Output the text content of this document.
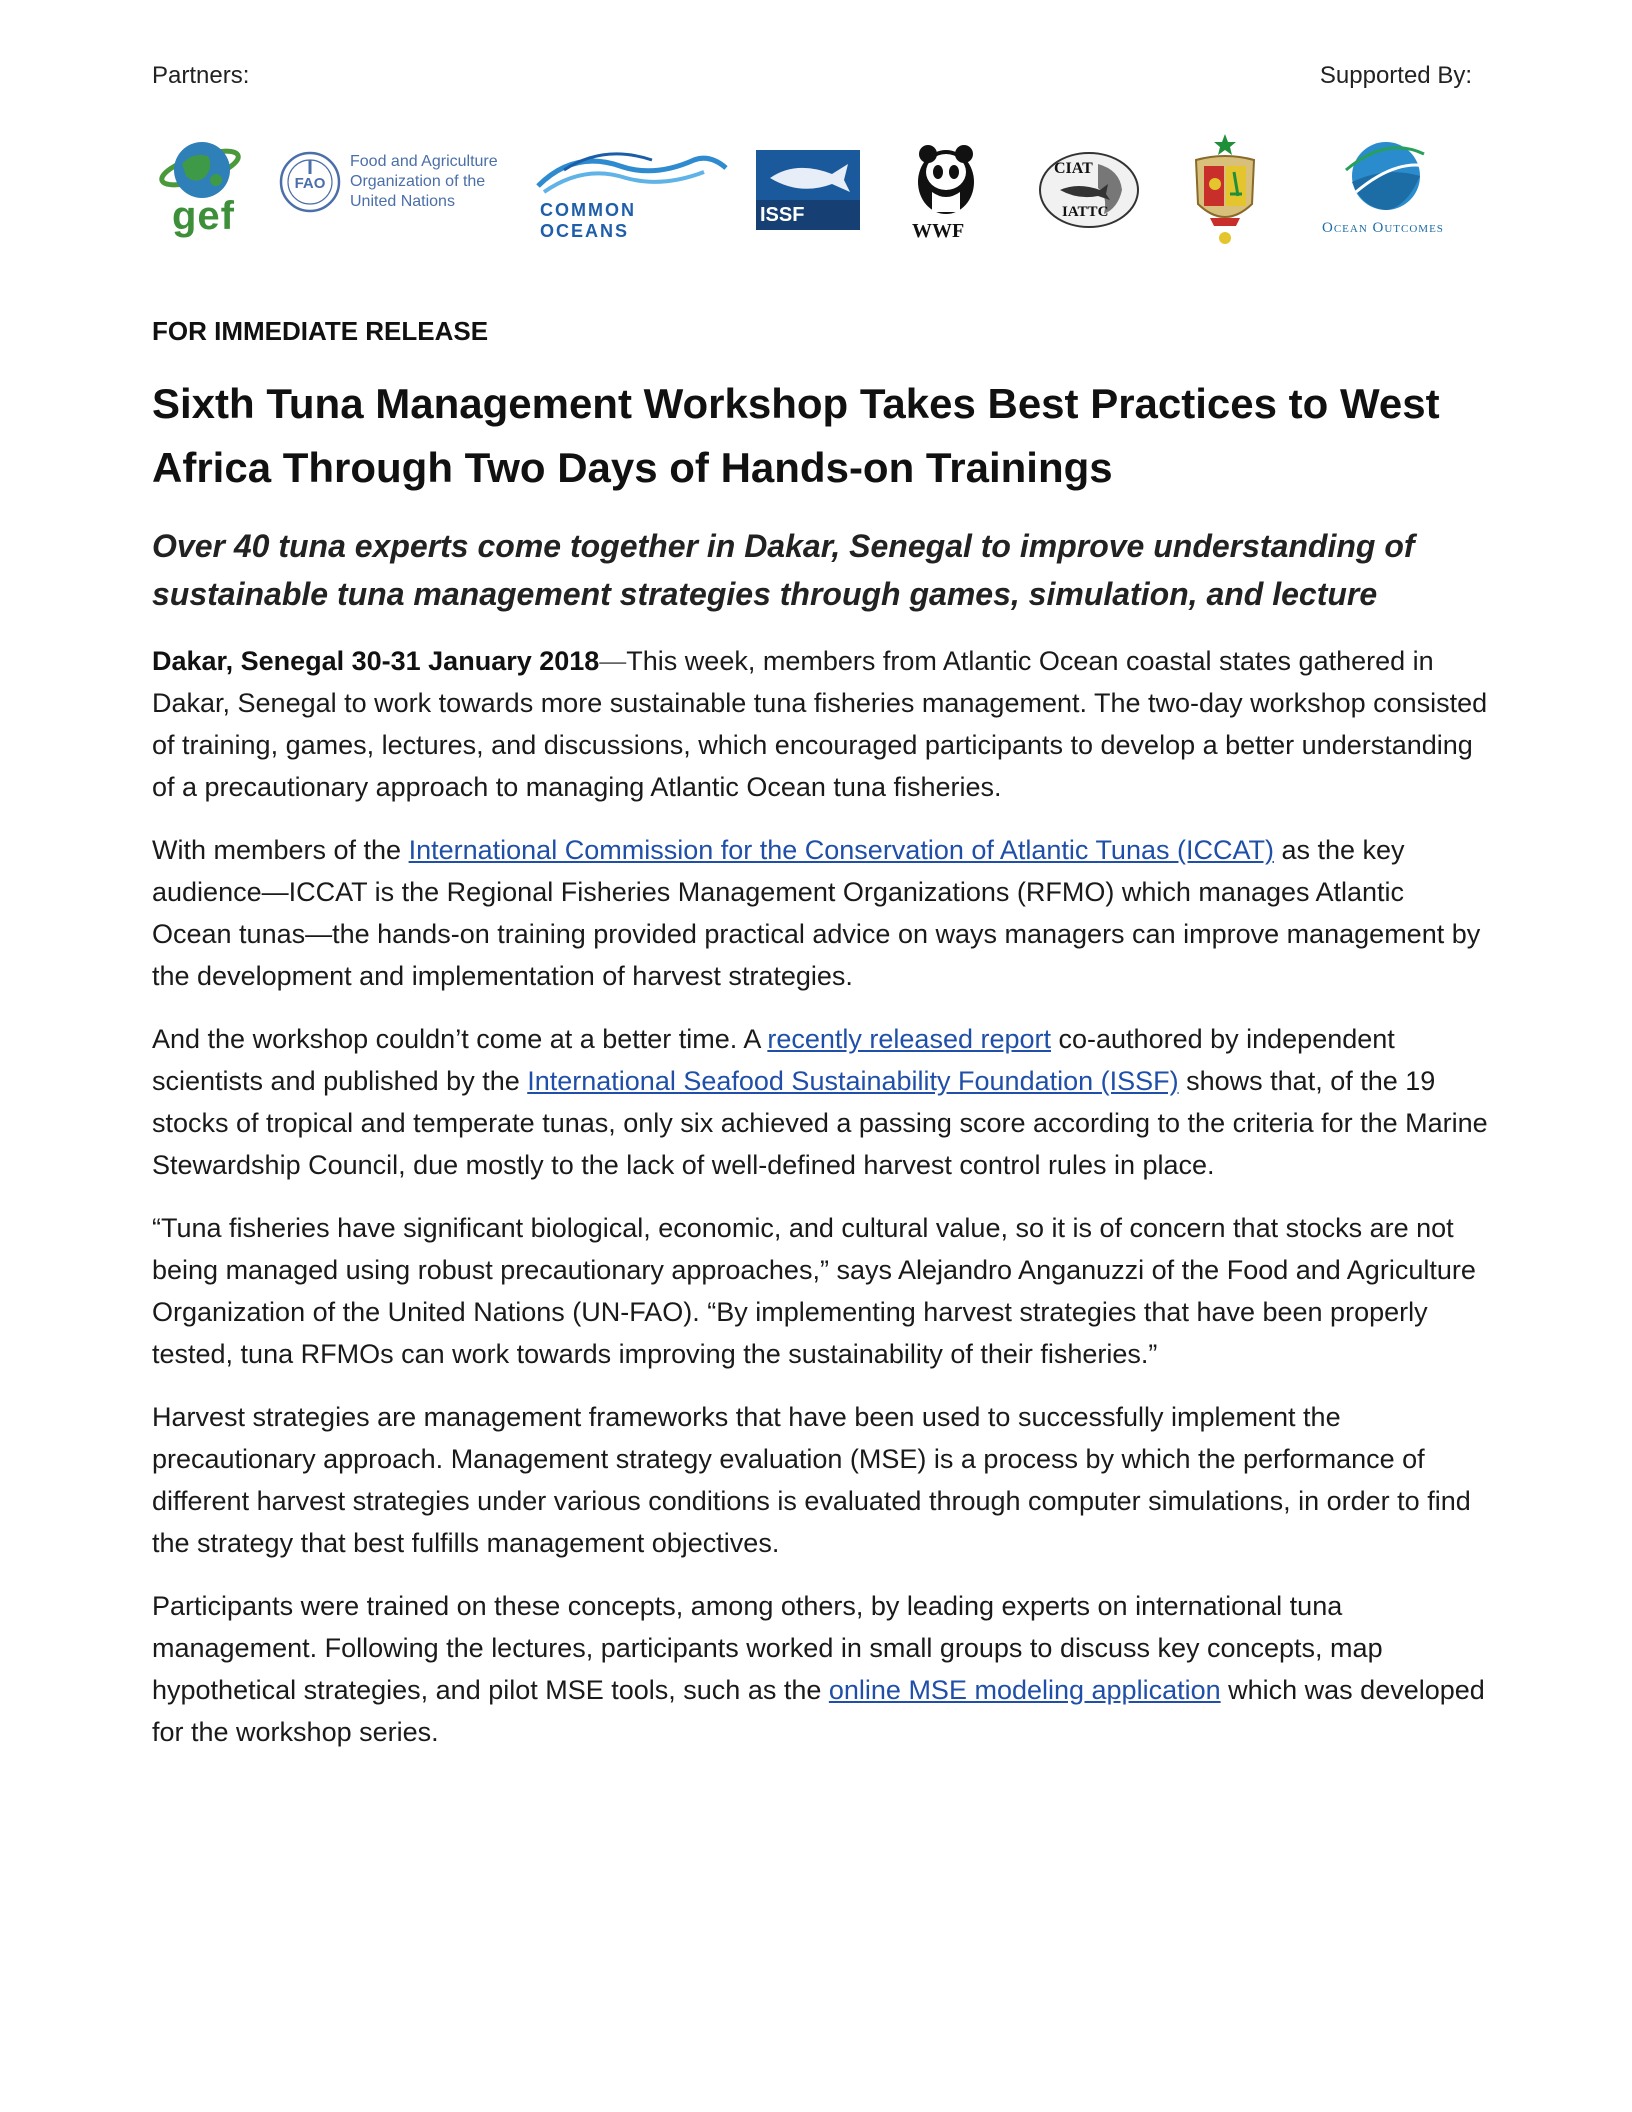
Partners:	Supported By:
gef
FAO
Food and Agriculture
Organization of the
United Nations	COMMON OCEANS
ISSF
WWF
CIAT
IATTC
Ocean Outcomes
FOR IMMEDIATE RELEASE
Sixth Tuna Management Workshop Takes Best Practices to West Africa Through Two Days of Hands-on Trainings
Over 40 tuna experts come together in Dakar, Senegal to improve understanding of sustainable tuna management strategies through games, simulation, and lecture

Dakar, Senegal 30-31 January 2018—This week, members from Atlantic Ocean coastal states gathered in Dakar, Senegal to work towards more sustainable tuna fisheries management. The two-day workshop consisted of training, games, lectures, and discussions, which encouraged participants to develop a better understanding of a precautionary approach to managing Atlantic Ocean tuna fisheries.

With members of the International Commission for the Conservation of Atlantic Tunas (ICCAT) as the key audience—ICCAT is the Regional Fisheries Management Organizations (RFMO) which manages Atlantic Ocean tunas—the hands-on training provided practical advice on ways managers can improve management by the development and implementation of harvest strategies.

And the workshop couldn’t come at a better time. A recently released report co-authored by independent scientists and published by the International Seafood Sustainability Foundation (ISSF) shows that, of the 19 stocks of tropical and temperate tunas, only six achieved a passing score according to the criteria for the Marine Stewardship Council, due mostly to the lack of well-defined harvest control rules in place.

“Tuna fisheries have significant biological, economic, and cultural value, so it is of concern that stocks are not being managed using robust precautionary approaches,” says Alejandro Anganuzzi of the Food and Agriculture Organization of the United Nations (UN-FAO). “By implementing harvest strategies that have been properly tested, tuna RFMOs can work towards improving the sustainability of their fisheries.”

Harvest strategies are management frameworks that have been used to successfully implement the precautionary approach. Management strategy evaluation (MSE) is a process by which the performance of different harvest strategies under various conditions is evaluated through computer simulations, in order to find the strategy that best fulfills management objectives.

Participants were trained on these concepts, among others, by leading experts on international tuna management. Following the lectures, participants worked in small groups to discuss key concepts, map hypothetical strategies, and pilot MSE tools, such as the online MSE modeling application which was developed for the workshop series.
